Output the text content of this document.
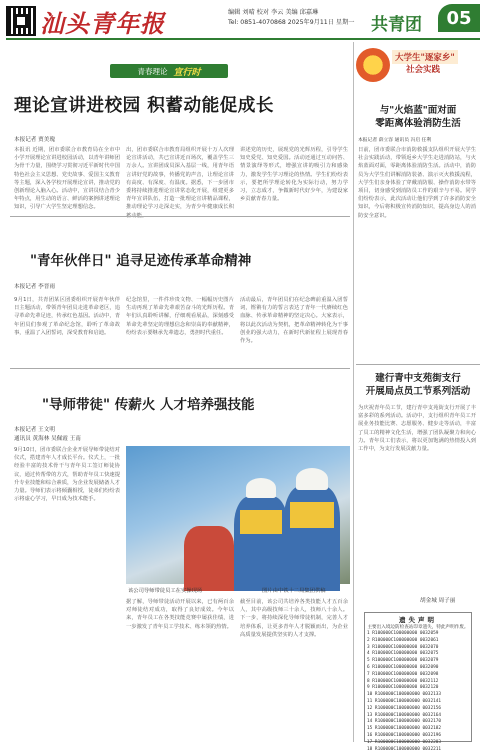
汕头青年报	编辑 刘晴 校对 李云 美编 邱嘉琳
Tel: 0851-4070868 2025年9月11日 星期一 共青团	05
青春理论 宣行时
理论宣讲进校园 积蓄动能促成长
本报记者 贾美瑰
本报讯 近期，团市委联合市教育局在全市中小学开展理论宣讲进校园活动，以青年讲师团为骨干力量，围绕学习贯彻习近平新时代中国特色社会主义思想、党史故事、爱国主义教育等主题，深入各学校开展理论宣讲，推动党的创新理论入脑入心。活动中，宣讲员结合青少年特点，用生动的语言、鲜活的案例讲述理论知识，引导广大学生坚定理想信念。
出，团市委联合市教育局组织开展十万人次理论宣讲活动，共已宣讲近百场次，覆盖学生三万余人。宣讲团成员深入基层一线，用青年语言讲好党的故事，传播党的声音，让理论宣讲有高度、有深度、有温度。据悉，下一步团市委将持续推进理论宣讲常态化开展，组建更多青年宣讲队伍，打造一批理论宣讲精品课程，推动理论学习走深走实，为青少年健康成长积
讲述党的历史，展现党的光辉历程，引导学生知史爱党、知史爱国。活动还通过互动问答、情景演绎等形式，增强宣讲的吸引力和感染力，激发学生学习理论的热情。学生们纷纷表示，要把所学理论转化为实际行动，努力学习，立志成才，争做新时代好少年，为建设家乡贡献青春力量。
"青年伙伴日" 追寻足迹传承革命精神
本报记者 李晋雨
9月1日，共青团某区团委组织开展青年伙伴日主题活动，带领青年团员走进革命老区，追寻革命先辈足迹，传承红色基因。活动中，青年团员们参观了革命纪念馆，聆听了革命故事，重温了入团誓词，深受教育和启迪。
纪念馆里，一件件珍贵文物、一幅幅历史图片生动再现了革命先辈艰苦奋斗的光辉历程。青年们认真聆听讲解，仔细观看展品，深刻感受革命先辈坚定的理想信念和崇高的奉献精神，纷纷表示要继承先辈遗志，勇担时代重任。
活动最后，青年团员们在纪念碑前重温入团誓词，铿锵有力的誓言表达了青年一代赓续红色血脉、传承革命精神的坚定决心。大家表示，将以此次活动为契机，把革命精神转化为干事创业的强大动力，在新时代新征程上展现青春作为。
"导师带徒" 传薪火 人才培养强技能
本报记者 王文明
通讯员 黄海林 吴佩霞 王南
9月10日，团市委联合企业开展导师带徒结对仪式，搭建青年人才成长平台。仪式上，一批经验丰富的技术骨干与青年员工签订师徒协议，通过传帮带的方式，帮助青年员工快速提升专业技能和综合素质，为企业发展储备人才力量。导师们表示将倾囊相授，徒弟们纷纷表示将虚心学习，早日成为技术能手。
该公司导师带徒员工在实操现场	图片由中铁十二局集团供稿
据了解，导师带徒活动开展以来，已有两百余对师徒结对成功，取得了良好成效。今年以来，青年员工在各类技能竞赛中屡获佳绩，进一步激发了青年员工学技术、练本领的热情。
截至目前，该公司共培养各类技能人才五百余人，其中高级技师三十余人，技师八十余人。下一步，将持续深化导师带徒机制，完善人才培养体系，让更多青年人才脱颖而出，为企业高质量发展提供坚实的人才支撑。
大学生"逐家乡"
社会实践
与"火焰蓝"面对面
零距离体验消防生活
本报记者 薛立容 通讯员 冯启 任利
日前，团市委联合市消防救援支队组织开展大学生社会实践活动，带领返乡大学生走进消防站，与火焰蓝面对面，零距离体验消防生活。活动中，消防员为大学生们讲解消防装备、演示灭火救援流程，大学生们亲身体验了穿戴消防服、操作消防水带等项目，切身感受到消防员工作的艰辛与不易。同学们纷纷表示，此次活动让他们学到了许多消防安全知识，今后将积极宣传消防知识，提高身边人的消防安全意识。
建行青中支苑街支行
开展局点员工节系列活动
为庆祝青年员工节，建行青中支苑街支行开展了丰富多彩的系列活动。活动中，支行组织青年员工开展业务技能比赛、志愿服务、健步走等活动，丰富了员工的精神文化生活，增强了团队凝聚力和向心力。青年员工们表示，将以更加饱满的热情投入到工作中，为支行发展贡献力量。
胡金城 周子丽
遗失声明
主要出入境边防检查站印章遗失，特此声明作废。
1 R100000C100000000 0032059
2 R100000C100000000 0032061
3 R100000C100000000 0032070
4 R100000C100000000 0032075
5 R100000C100000000 0032079
6 R100000C100000000 0032090
7 R100000C100000000 0032098
8 R100000C100000000 0032112
9 R100000C100000000 0032120
10 R100000C100000000 0032133
11 R100000C100000000 0032141
12 R100000C100000000 0032156
13 R100000C100000000 0032164
14 R100000C100000000 0032170
15 R100000C100000000 0032182
16 R100000C100000000 0032196
17 R100000C100000000 0032203
18 R100000C100000000 0032211
